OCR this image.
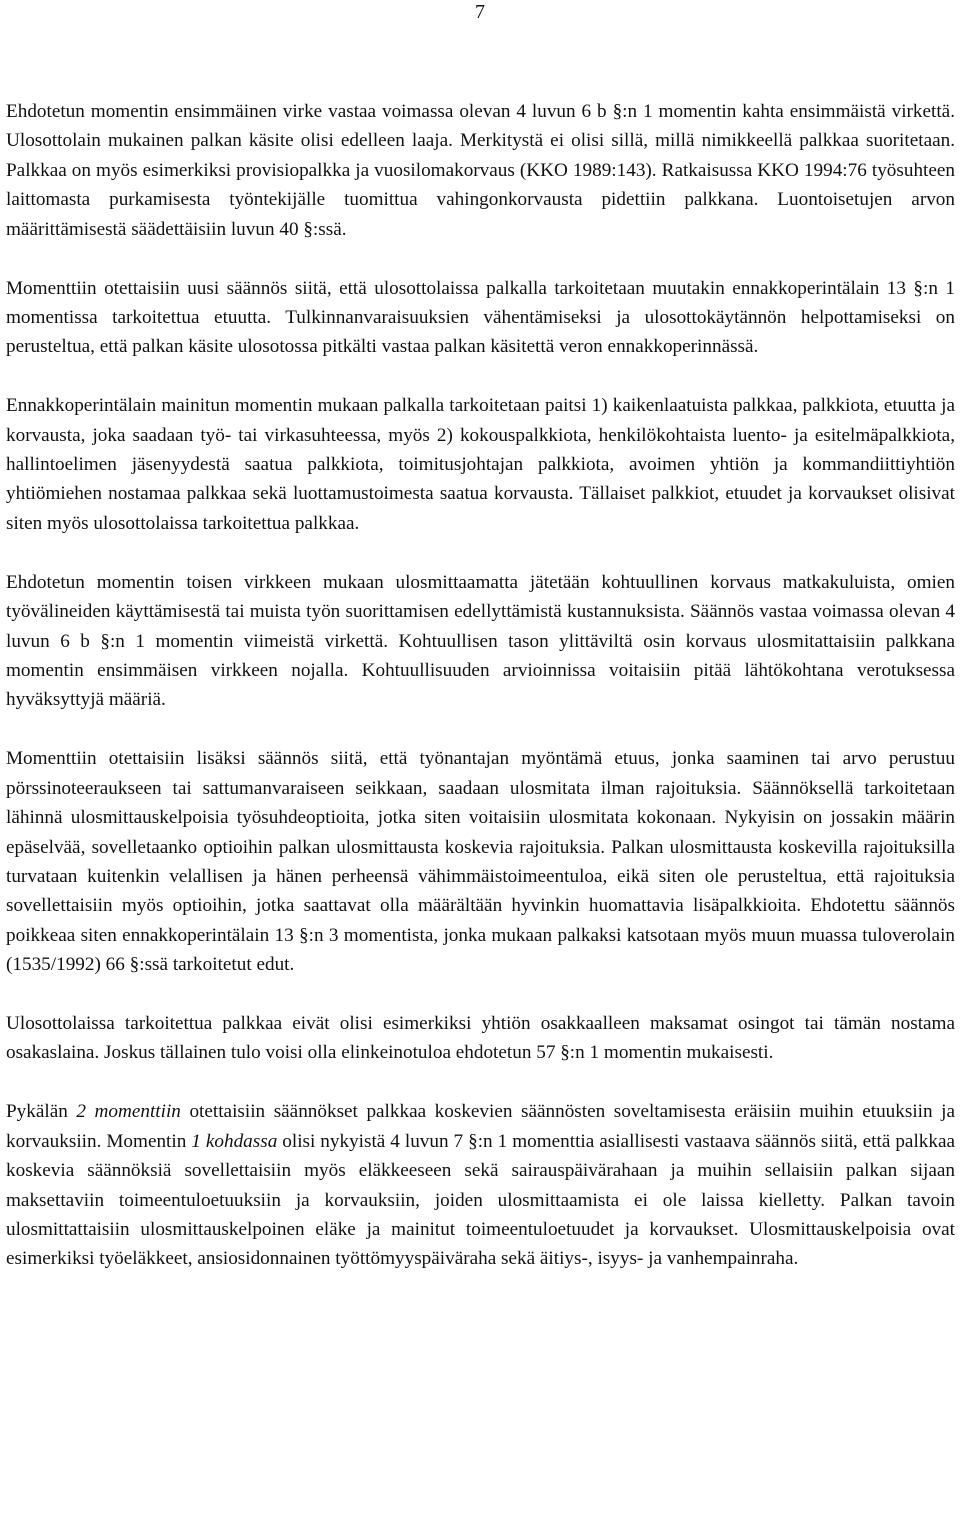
7

Ehdotetun momentin ensimmäinen virke vastaa voimassa olevan 4 luvun 6 b §:n 1 momentin kahta ensimmäistä virkettä. Ulosottolain mukainen palkan käsite olisi edelleen laaja. Merkitystä ei olisi sillä, millä nimikkeellä palkkaa suoritetaan. Palkkaa on myös esimerkiksi provisiopalkka ja vuosilomakorvaus (KKO 1989:143). Ratkaisussa KKO 1994:76 työsuhteen laittomasta purkamisesta työntekijälle tuomittua vahingonkorvausta pidettiin palkkana. Luontoisetujen arvon määrittämisestä säädettäisiin luvun 40 §:ssä.

Momenttiin otettaisiin uusi säännös siitä, että ulosottolaissa palkalla tarkoitetaan muutakin ennakkoperintälain 13 §:n 1 momentissa tarkoitettua etuutta. Tulkinnanvaraisuuksien vähentämiseksi ja ulosottokäytännön helpottamiseksi on perusteltua, että palkan käsite ulosotossa pitkälti vastaa palkan käsitettä veron ennakkoperinnässä.

Ennakkoperintälain mainitun momentin mukaan palkalla tarkoitetaan paitsi 1) kaikenlaatuista palkkaa, palkkiota, etuutta ja korvausta, joka saadaan työ- tai virkasuhteessa, myös 2) kokouspalkkiota, henkilökohtaista luento- ja esitelmäpalkkiota, hallintoelimen jäsenyydestä saatua palkkiota, toimitusjohtajan palkkiota, avoimen yhtiön ja kommandiittiyhtiön yhtiömiehen nostamaa palkkaa sekä luottamustoimesta saatua korvausta. Tällaiset palkkiot, etuudet ja korvaukset olisivat siten myös ulosottolaissa tarkoitettua palkkaa.

Ehdotetun momentin toisen virkkeen mukaan ulosmittaamatta jätetään kohtuullinen korvaus matkakuluista, omien työvälineiden käyttämisestä tai muista työn suorittamisen edellyttämistä kustannuksista. Säännös vastaa voimassa olevan 4 luvun 6 b §:n 1 momentin viimeistä virkettä. Kohtuullisen tason ylittäviltä osin korvaus ulosmitattaisiin palkkana momentin ensimmäisen virkkeen nojalla. Kohtuullisuuden arvioinnissa voitaisiin pitää lähtökohtana verotuksessa hyväksyttyjä määriä.

Momenttiin otettaisiin lisäksi säännös siitä, että työnantajan myöntämä etuus, jonka saaminen tai arvo perustuu pörssinoteeraukseen tai sattumanvaraiseen seikkaan, saadaan ulosmitata ilman rajoituksia. Säännöksellä tarkoitetaan lähinnä ulosmittauskelpoisia työsuhdeoptioita, jotka siten voitaisiin ulosmitata kokonaan. Nykyisin on jossakin määrin epäselvää, sovelletaanko optioihin palkan ulosmittausta koskevia rajoituksia. Palkan ulosmittausta koskevilla rajoituksilla turvataan kuitenkin velallisen ja hänen perheensä vähimmäistoimeentuloa, eikä siten ole perusteltua, että rajoituksia sovellettaisiin myös optioihin, jotka saattavat olla määrältään hyvinkin huomattavia lisäpalkkioita. Ehdotettu säännös poikkeaa siten ennakkoperintälain 13 §:n 3 momentista, jonka mukaan palkaksi katsotaan myös muun muassa tuloverolain (1535/1992) 66 §:ssä tarkoitetut edut.

Ulosottolaissa tarkoitettua palkkaa eivät olisi esimerkiksi yhtiön osakkaalleen maksamat osingot tai tämän nostama osakaslaina. Joskus tällainen tulo voisi olla elinkeinotuloa ehdotetun 57 §:n 1 momentin mukaisesti.

Pykälän 2 momenttiin otettaisiin säännökset palkkaa koskevien säännösten soveltamisesta eräisiin muihin etuuksiin ja korvauksiin. Momentin 1 kohdassa olisi nykyistä 4 luvun 7 §:n 1 momenttia asiallisesti vastaava säännös siitä, että palkkaa koskevia säännöksiä sovellettaisiin myös eläkkeeseen sekä sairauspäivärahaan ja muihin sellaisiin palkan sijaan maksettaviin toimeentuloetuuksiin ja korvauksiin, joiden ulosmittaamista ei ole laissa kielletty. Palkan tavoin ulosmittattaisiin ulosmittauskelpoinen eläke ja mainitut toimeentuloetuudet ja korvaukset. Ulosmittauskelpoisia ovat esimerkiksi työeläkkeet, ansiosidonnainen työttömyyspäiväraha sekä äitiys-, isyys- ja vanhempainraha.
